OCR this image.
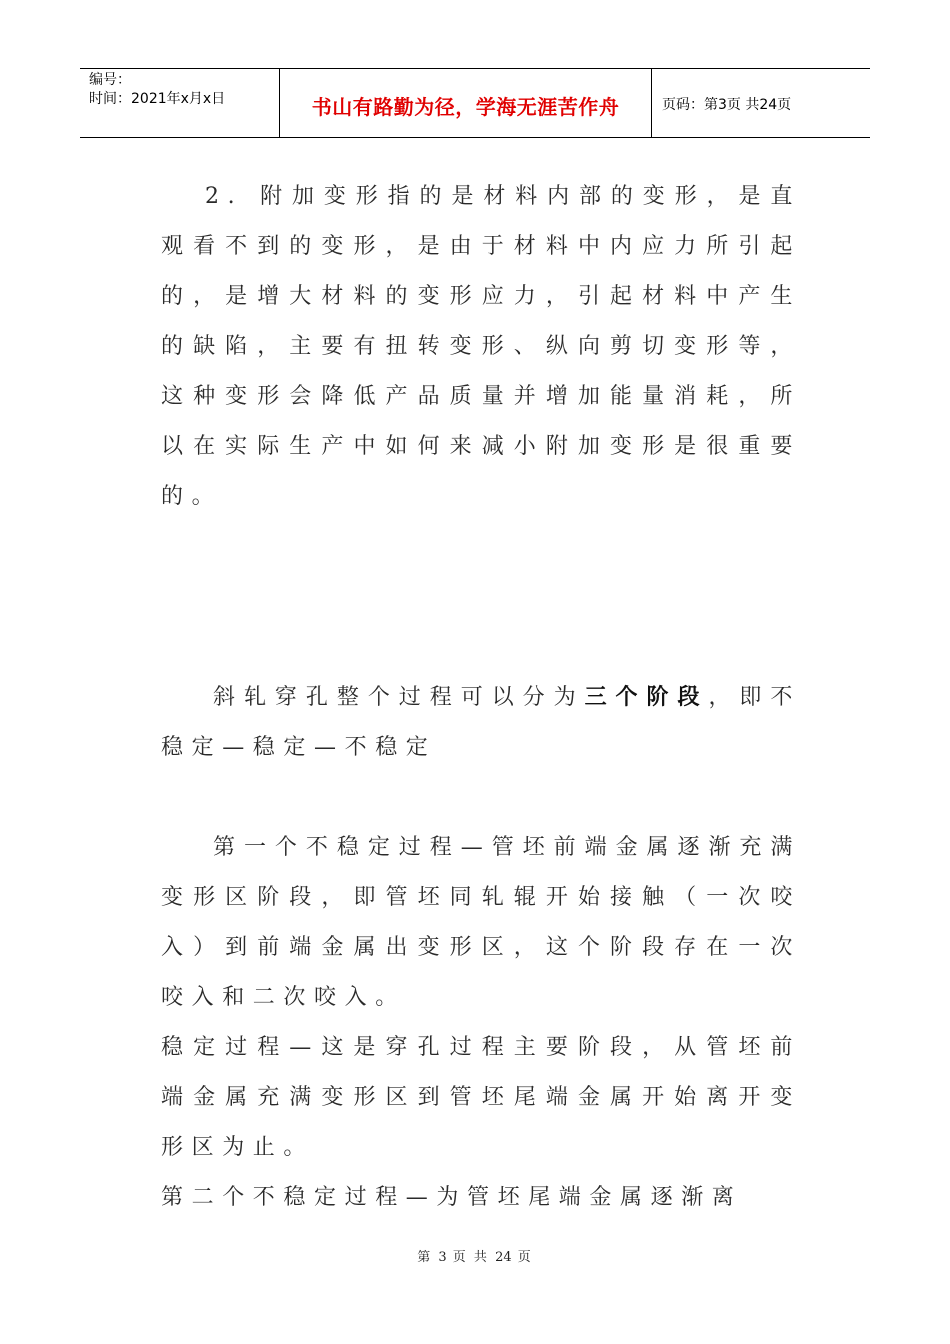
编号：
时间：2021年x月x日	书山有路勤为径，学海无涯苦作舟	页码：第3页 共24页

2. 附加变形指的是材料内部的变形，是直观看不到的变形，是由于材料中内应力所引起的，是增大材料的变形应力，引起材料中产生的缺陷，主要有扭转变形、纵向剪切变形等，这种变形会降低产品质量并增加能量消耗，所以在实际生产中如何来减小附加变形是很重要的。

斜轧穿孔整个过程可以分为三个阶段，即不稳定—稳定—不稳定

第一个不稳定过程—管坯前端金属逐渐充满变形区阶段，即管坯同轧辊开始接触（一次咬入）到前端金属出变形区，这个阶段存在一次咬入和二次咬入。

稳定过程—这是穿孔过程主要阶段，从管坯前端金属充满变形区到管坯尾端金属开始离开变形区为止。

第二个不稳定过程—为管坯尾端金属逐渐离

第 3 页 共 24 页
